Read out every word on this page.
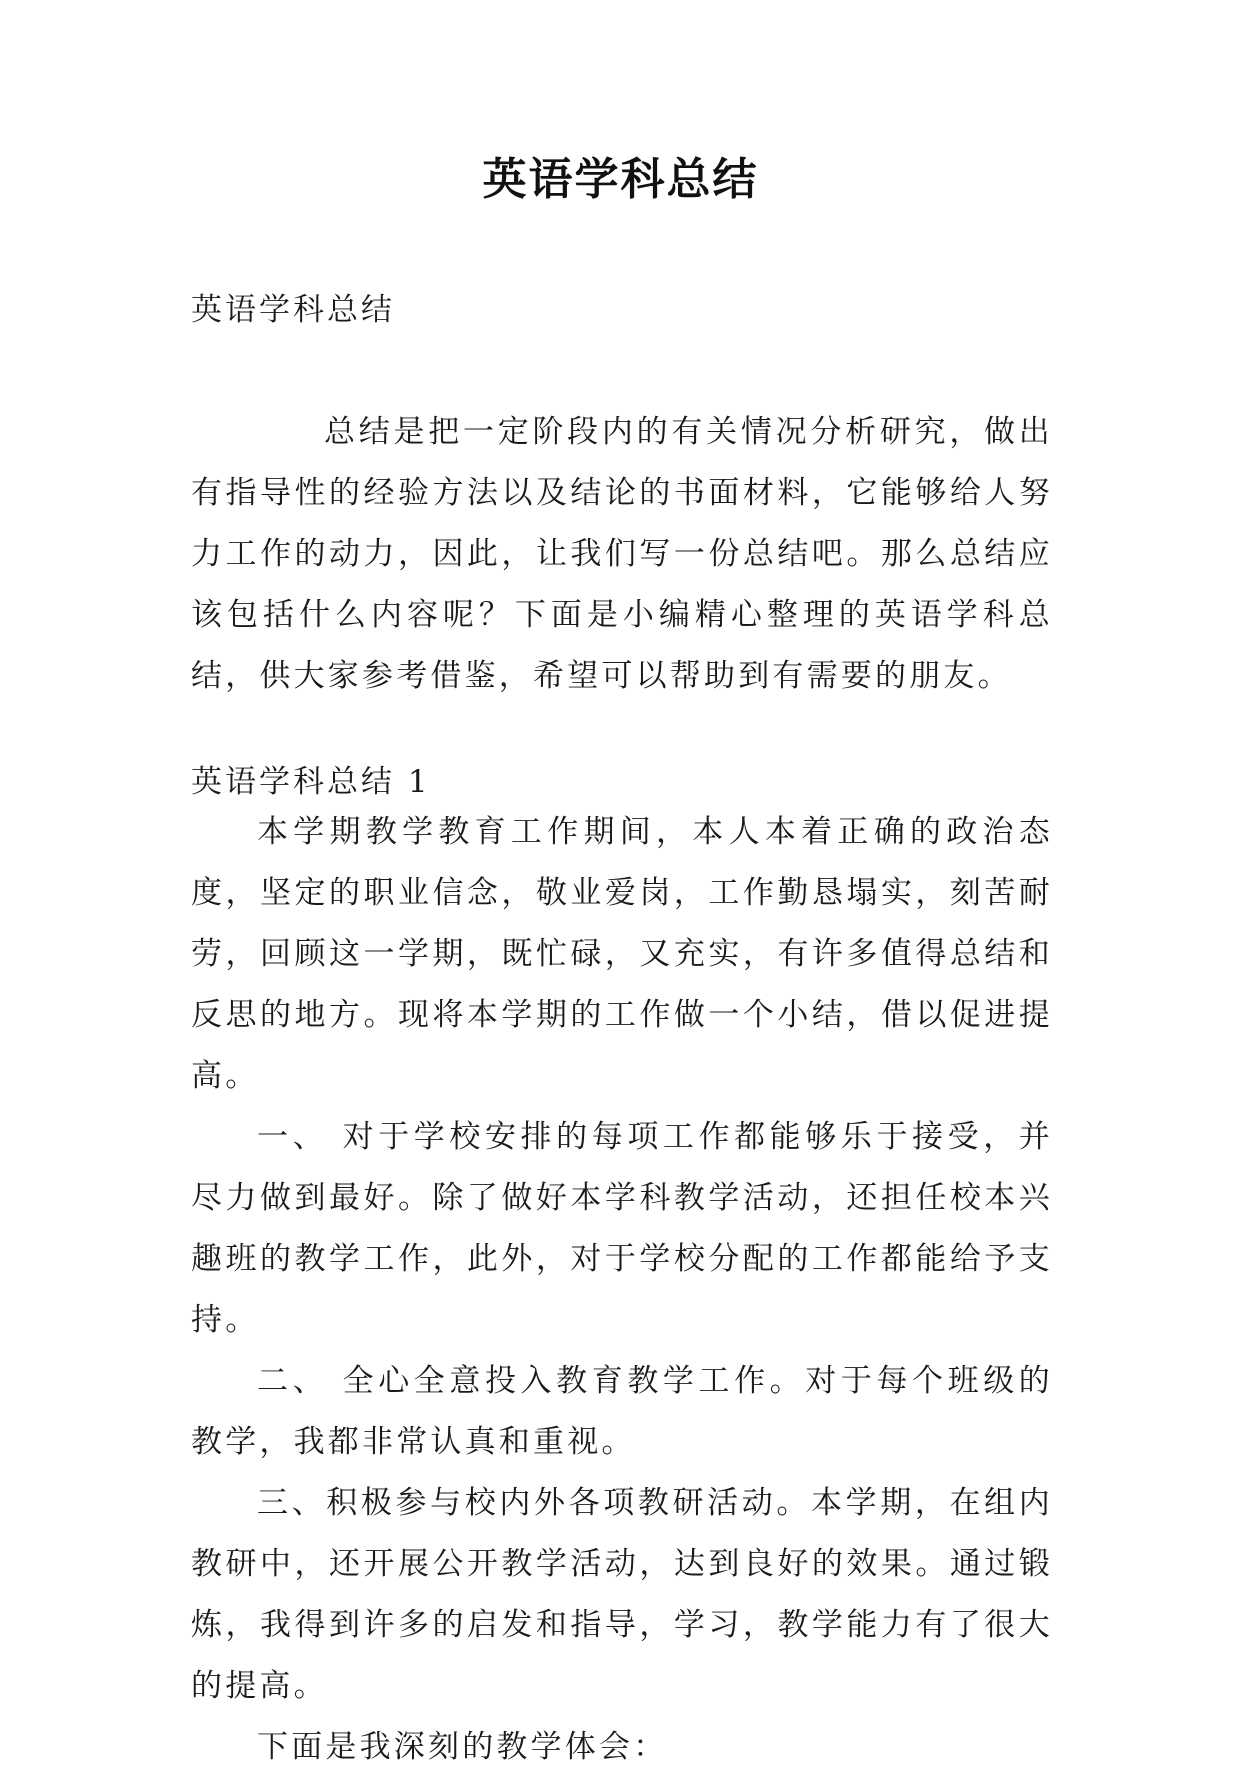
英语学科总结
英语学科总结

总结是把一定阶段内的有关情况分析研究，做出有指导性的经验方法以及结论的书面材料，它能够给人努力工作的动力，因此，让我们写一份总结吧。那么总结应该包括什么内容呢？下面是小编精心整理的英语学科总结，供大家参考借鉴，希望可以帮助到有需要的朋友。

英语学科总结 1

本学期教学教育工作期间，本人本着正确的政治态度，坚定的职业信念，敬业爱岗，工作勤恳塌实，刻苦耐劳，回顾这一学期，既忙碌，又充实，有许多值得总结和反思的地方。现将本学期的工作做一个小结，借以促进提高。

一、 对于学校安排的每项工作都能够乐于接受，并尽力做到最好。除了做好本学科教学活动，还担任校本兴趣班的教学工作，此外，对于学校分配的工作都能给予支持。

二、 全心全意投入教育教学工作。对于每个班级的教学，我都非常认真和重视。

三、积极参与校内外各项教研活动。本学期，在组内教研中，还开展公开教学活动，达到良好的效果。通过锻炼，我得到许多的启发和指导，学习，教学能力有了很大的提高。

下面是我深刻的教学体会：
